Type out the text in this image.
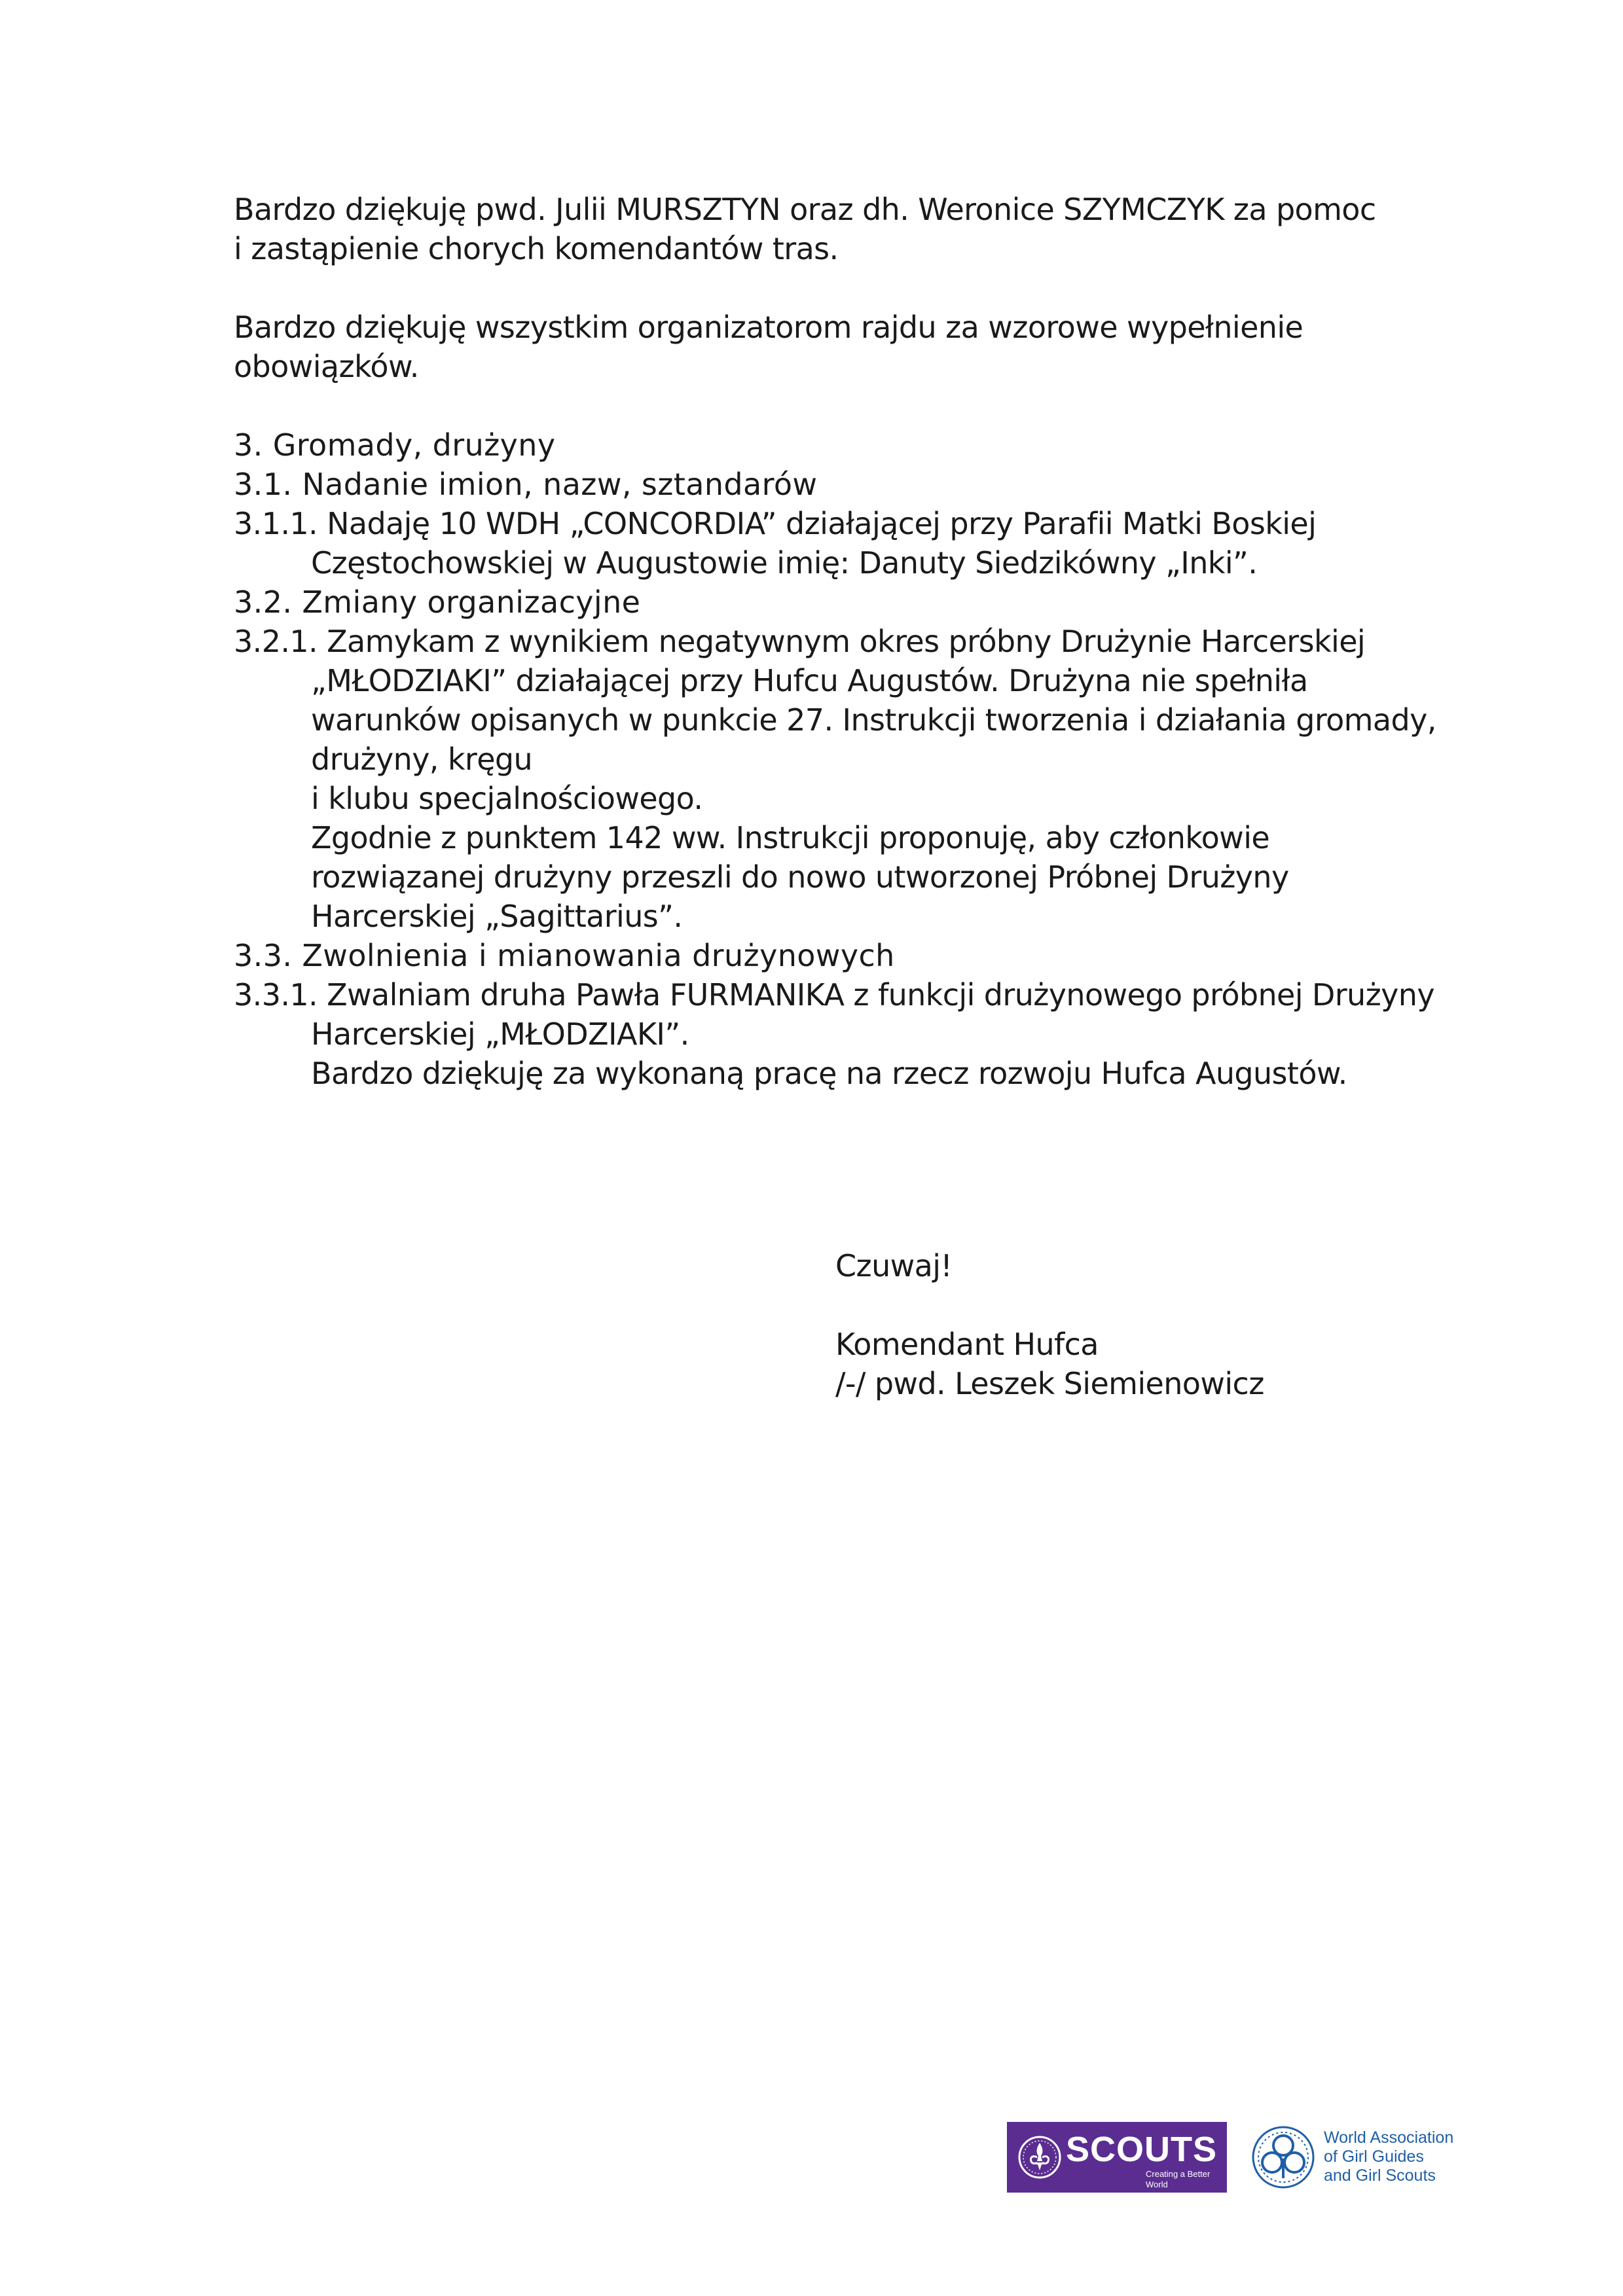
Bardzo dziękuję pwd. Julii MURSZTYN oraz dh. Weronice SZYMCZYK za pomoc

i zastąpienie chorych komendantów tras.

Bardzo dziękuję wszystkim organizatorom rajdu za wzorowe wypełnienie

obowiązków.

3. Gromady, drużyny

3.1. Nadanie imion, nazw, sztandarów

3.1.1. Nadaję 10 WDH „CONCORDIA” działającej przy Parafii Matki Boskiej Częstochowskiej w Augustowie imię: Danuty Siedzikówny „Inki”.

3.2. Zmiany organizacyjne

3.2.1. Zamykam z wynikiem negatywnym okres próbny Drużynie Harcerskiej

„MŁODZIAKI” działającej przy Hufcu Augustów. Drużyna nie spełniła

warunków opisanych w punkcie 27. Instrukcji tworzenia i działania gromady,

drużyny, kręgu

i klubu specjalnościowego.

Zgodnie z punktem 142 ww. Instrukcji proponuję, aby członkowie

rozwiązanej drużyny przeszli do nowo utworzonej Próbnej Drużyny

Harcerskiej „Sagittarius”.

3.3. Zwolnienia i mianowania drużynowych

3.3.1. Zwalniam druha Pawła FURMANIKA z funkcji drużynowego próbnej Drużyny

Harcerskiej „MŁODZIAKI”.

Bardzo dziękuję za wykonaną pracę na rzecz rozwoju Hufca Augustów.

Czuwaj!

Komendant Hufca

/-/ pwd. Leszek Siemienowicz

SCOUTS
Creating a Better World
World Association
of Girl Guides
and Girl Scouts
